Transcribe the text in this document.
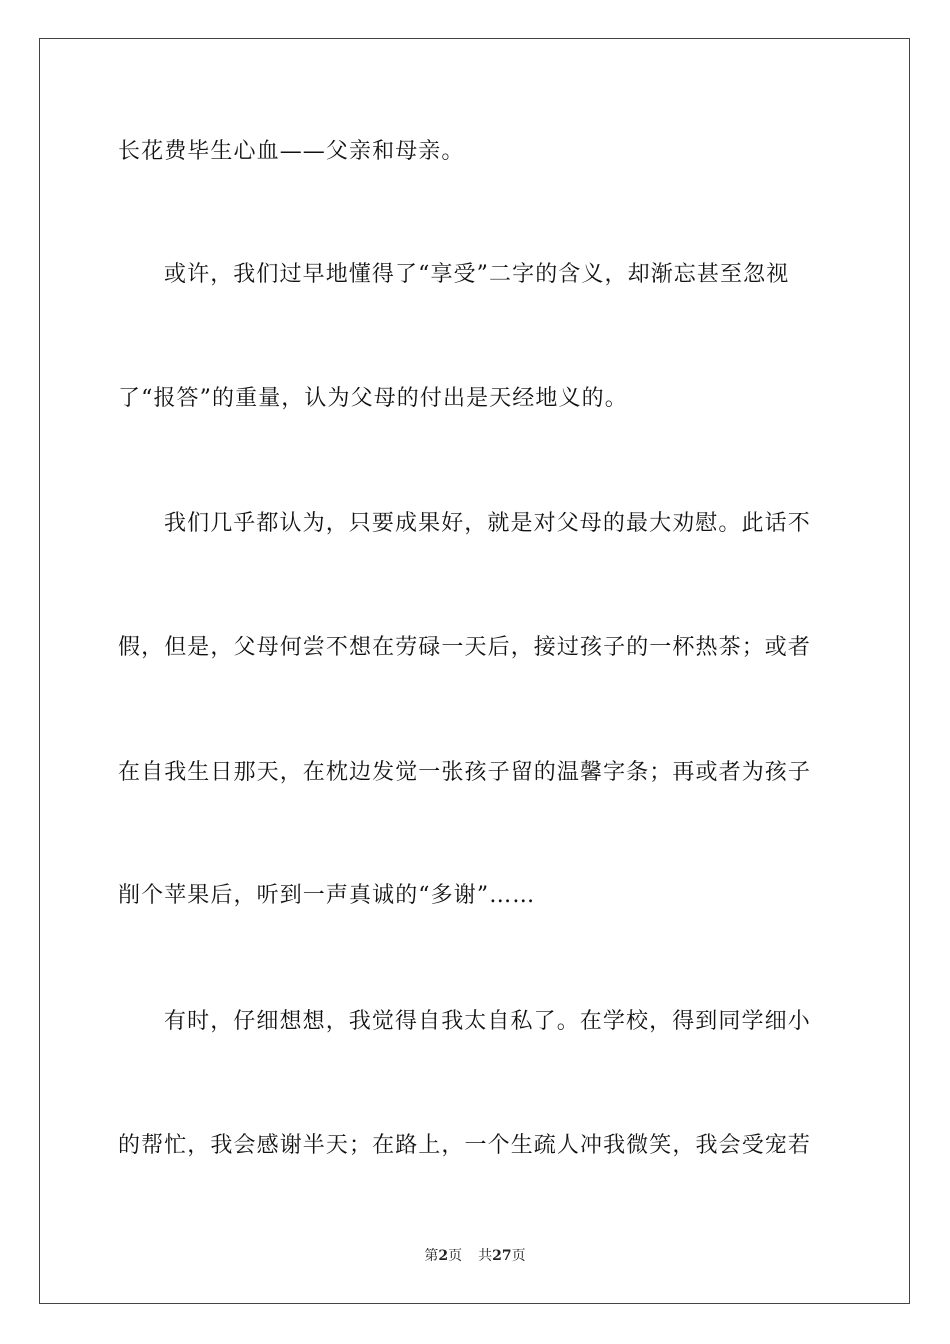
长花费毕生心血——父亲和母亲。
或许，我们过早地懂得了“享受”二字的含义，却渐忘甚至忽视
了“报答”的重量，认为父母的付出是天经地义的。
我们几乎都认为，只要成果好，就是对父母的最大劝慰。此话不
假，但是，父母何尝不想在劳碌一天后，接过孩子的一杯热茶；或者
在自我生日那天，在枕边发觉一张孩子留的温馨字条；再或者为孩子
削个苹果后，听到一声真诚的“多谢”……
有时，仔细想想，我觉得自我太自私了。在学校，得到同学细小
的帮忙，我会感谢半天；在路上，一个生疏人冲我微笑，我会受宠若
第2页 共27页
